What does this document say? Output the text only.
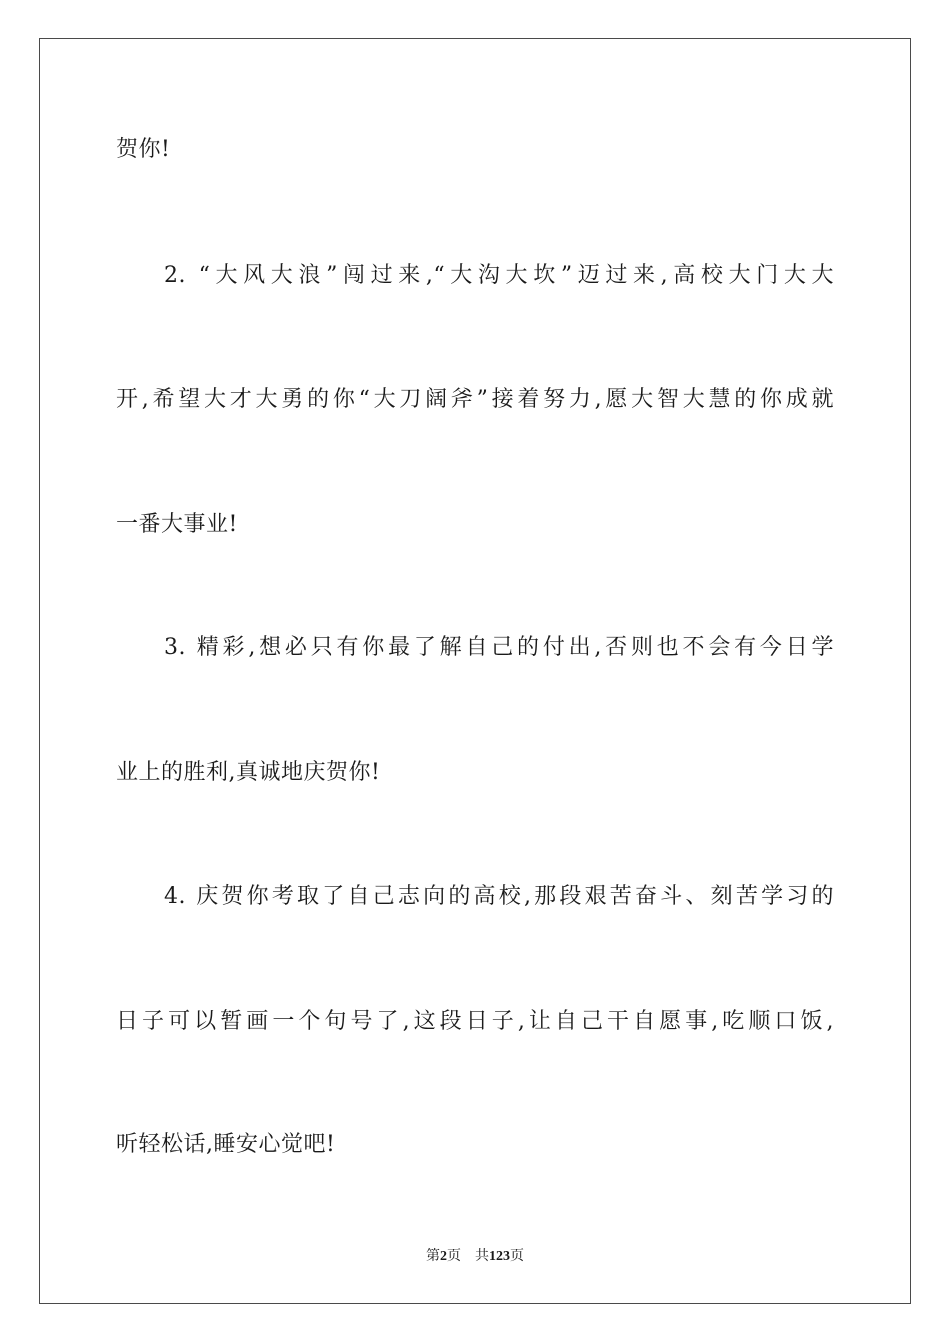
贺你!
2. “大风大浪”闯过来,“大沟大坎”迈过来,高校大门大大
开,希望大才大勇的你“大刀阔斧”接着努力,愿大智大慧的你成就
一番大事业!
3. 精彩,想必只有你最了解自己的付出,否则也不会有今日学
业上的胜利,真诚地庆贺你!
4. 庆贺你考取了自己志向的高校,那段艰苦奋斗、刻苦学习的
日子可以暂画一个句号了,这段日子,让自己干自愿事,吃顺口饭,
听轻松话,睡安心觉吧!
第2页 共123页
